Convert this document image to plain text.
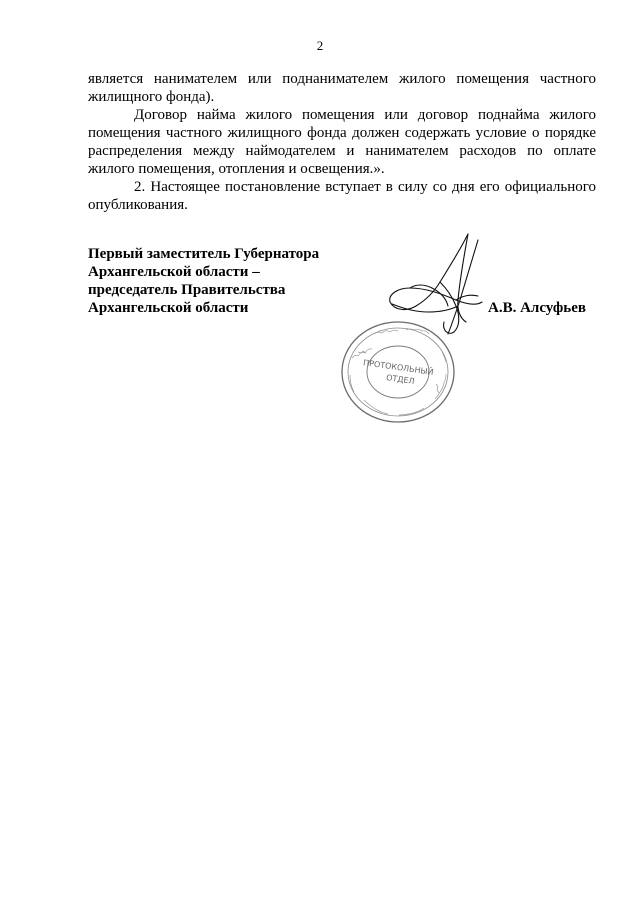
2

является нанимателем или поднанимателем жилого помещения частного жилищного фонда).

Договор найма жилого помещения или договор поднайма жилого помещения частного жилищного фонда должен содержать условие о порядке распределения между наймодателем и нанимателем расходов по оплате жилого помещения, отопления и освещения.».

2. Настоящее постановление вступает в силу со дня его официального опубликования.

Первый заместитель Губернатора
Архангельской области –
председатель Правительства
Архангельской области
ПРОТОКОЛЬНЫЙ
ОТДЕЛ
А.В. Алсуфьев
